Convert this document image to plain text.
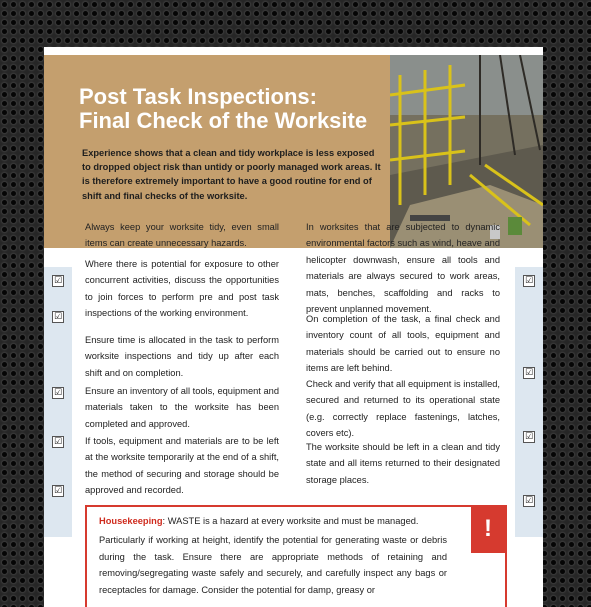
Post Task Inspections:
Final Check of the Worksite
Experience shows that a clean and tidy workplace is less exposed to dropped object risk than untidy or poorly managed work areas. It is therefore extremely important to have a good routine for end of shift and final checks of the worksite.
☑
☑
☑
☑
☑
☑
☑
☑
☑
Always keep your worksite tidy, even small items can create unnecessary hazards.
Where there is potential for exposure to other concurrent activities, discuss the opportunities to join forces to perform pre and post task inspections of the working environment.
Ensure time is allocated in the task to perform worksite inspections and tidy up after each shift and on completion.
Ensure an inventory of all tools, equipment and materials taken to the worksite has been completed and approved.
If tools, equipment and materials are to be left at the worksite temporarily at the end of a shift, the method of securing and storage should be approved and recorded.
In worksites that are subjected to dynamic environmental factors such as wind, heave and helicopter downwash, ensure all tools and materials are always secured to work areas, mats, benches, scaffolding and racks to prevent unplanned movement.
On completion of the task, a final check and inventory count of all tools, equipment and materials should be carried out to ensure no items are left behind.
Check and verify that all equipment is installed, secured and returned to its operational state (e.g. correctly replace fastenings, latches, covers etc).
The worksite should be left in a clean and tidy state and all items returned to their designated storage places.
Housekeeping: WASTE is a hazard at every worksite and must be managed.
Particularly if working at height, identify the potential for generating waste or debris during the task. Ensure there are appropriate methods of retaining and removing/segregating waste safely and securely, and carefully inspect any bags or receptacles for damage. Consider the potential for damp, greasy or
!
